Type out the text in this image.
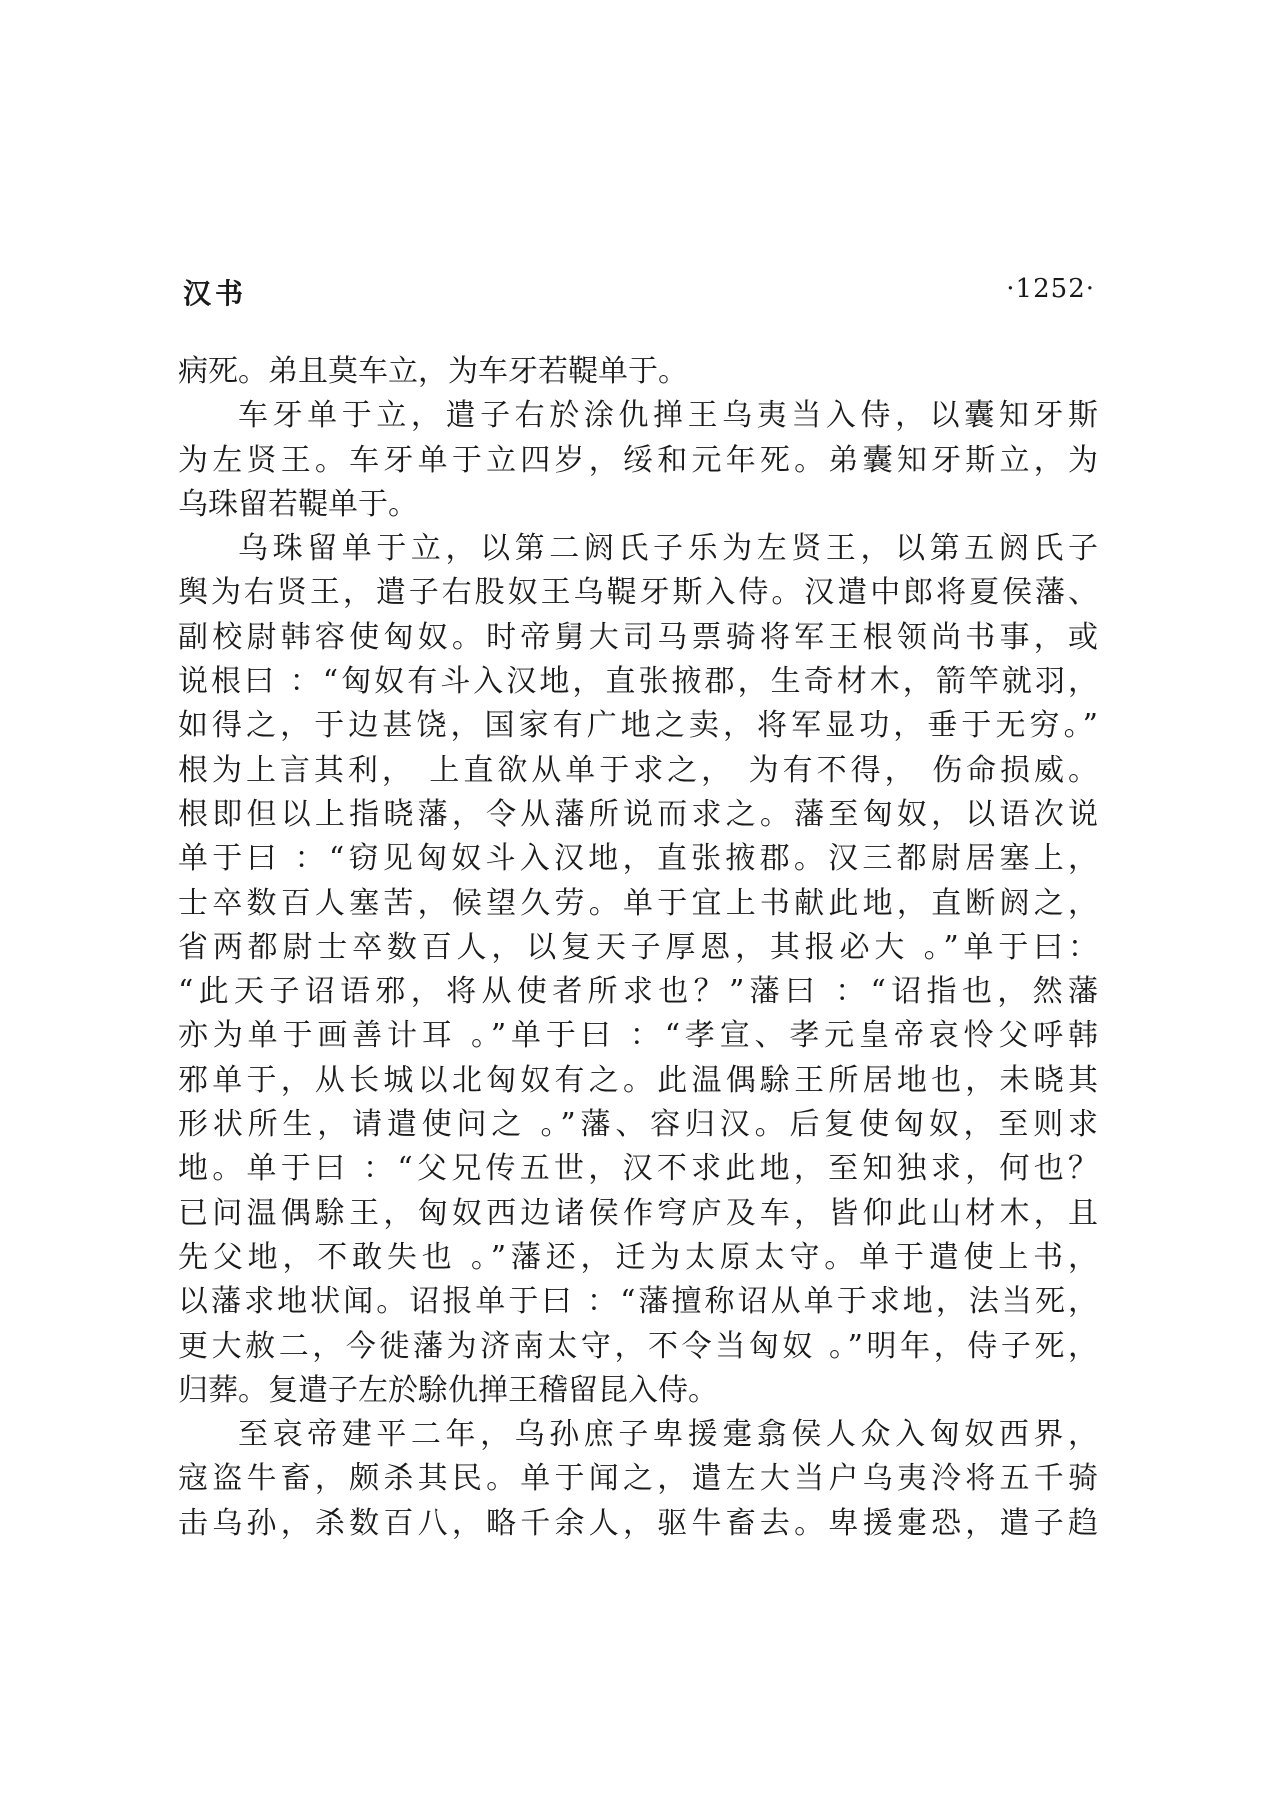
汉书	·1252·
病死。弟且莫车立，为车牙若鞮单于。
车牙单于立，遣子右於涂仇掸王乌夷当入侍，以囊知牙斯
为左贤王。车牙单于立四岁，绥和元年死。弟囊知牙斯立，为
乌珠留若鞮单于。
乌珠留单于立，以第二阏氏子乐为左贤王，以第五阏氏子
舆为右贤王，遣子右股奴王乌鞮牙斯入侍。汉遣中郎将夏侯藩、
副校尉韩容使匈奴。时帝舅大司马票骑将军王根领尚书事，或
说根曰 ：“匈奴有斗入汉地，直张掖郡，生奇材木，箭竿就羽，
如得之，于边甚饶，国家有广地之卖，将军显功，垂于无穷。”
根为上言其利， 上直欲从单于求之， 为有不得， 伤命损威。
根即但以上指晓藩，令从藩所说而求之。藩至匈奴，以语次说
单于曰 ：“窃见匈奴斗入汉地，直张掖郡。汉三都尉居塞上，
士卒数百人塞苦，候望久劳。单于宜上书献此地，直断阏之，
省两都尉士卒数百人，以复天子厚恩，其报必大 。”单于曰：
“此天子诏语邪，将从使者所求也？”藩曰 ：“诏指也，然藩
亦为单于画善计耳 。”单于曰 ：“孝宣、孝元皇帝哀怜父呼韩
邪单于，从长城以北匈奴有之。此温偶駼王所居地也，未晓其
形状所生，请遣使问之 。”藩、容归汉。后复使匈奴，至则求
地。单于曰 ：“父兄传五世，汉不求此地，至知独求，何也？
已问温偶駼王，匈奴西边诸侯作穹庐及车，皆仰此山材木，且
先父地，不敢失也 。”藩还，迁为太原太守。单于遣使上书，
以藩求地状闻。诏报单于曰 ：“藩擅称诏从单于求地，法当死，
更大赦二，今徙藩为济南太守，不令当匈奴 。”明年，侍子死，
归葬。复遣子左於駼仇掸王稽留昆入侍。
至哀帝建平二年，乌孙庶子卑援疐翕侯人众入匈奴西界，
寇盗牛畜，颇杀其民。单于闻之，遣左大当户乌夷泠将五千骑
击乌孙，杀数百八，略千余人，驱牛畜去。卑援疐恐，遣子趋
